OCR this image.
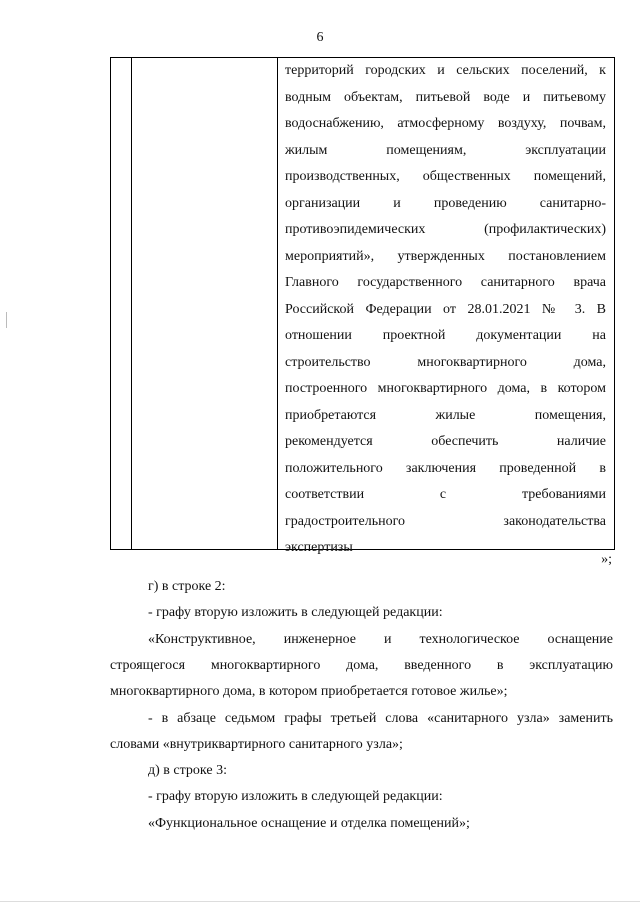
6
территорий городских и сельских поселений, к
водным объектам, питьевой воде и питьевому
водоснабжению, атмосферному воздуху, почвам,
жилым помещениям, эксплуатации
производственных, общественных помещений,
организации и проведению санитарно-
противоэпидемических (профилактических)
мероприятий», утвержденных постановлением
Главного государственного санитарного врача
Российской Федерации от 28.01.2021 № 3. В
отношении проектной документации на
строительство многоквартирного дома,
построенного многоквартирного дома, в котором
приобретаются жилые помещения,
рекомендуется обеспечить наличие
положительного заключения проведенной в
соответствии с требованиями
градостроительного законодательства
экспертизы
»;
г) в строке 2:
- графу вторую изложить в следующей редакции:
«Конструктивное, инженерное и технологическое оснащение
строящегося многоквартирного дома, введенного в эксплуатацию
многоквартирного дома, в котором приобретается готовое жилье»;
- в абзаце седьмом графы третьей слова «санитарного узла» заменить
словами «внутриквартирного санитарного узла»;
д) в строке 3:
- графу вторую изложить в следующей редакции:
«Функциональное оснащение и отделка помещений»;
